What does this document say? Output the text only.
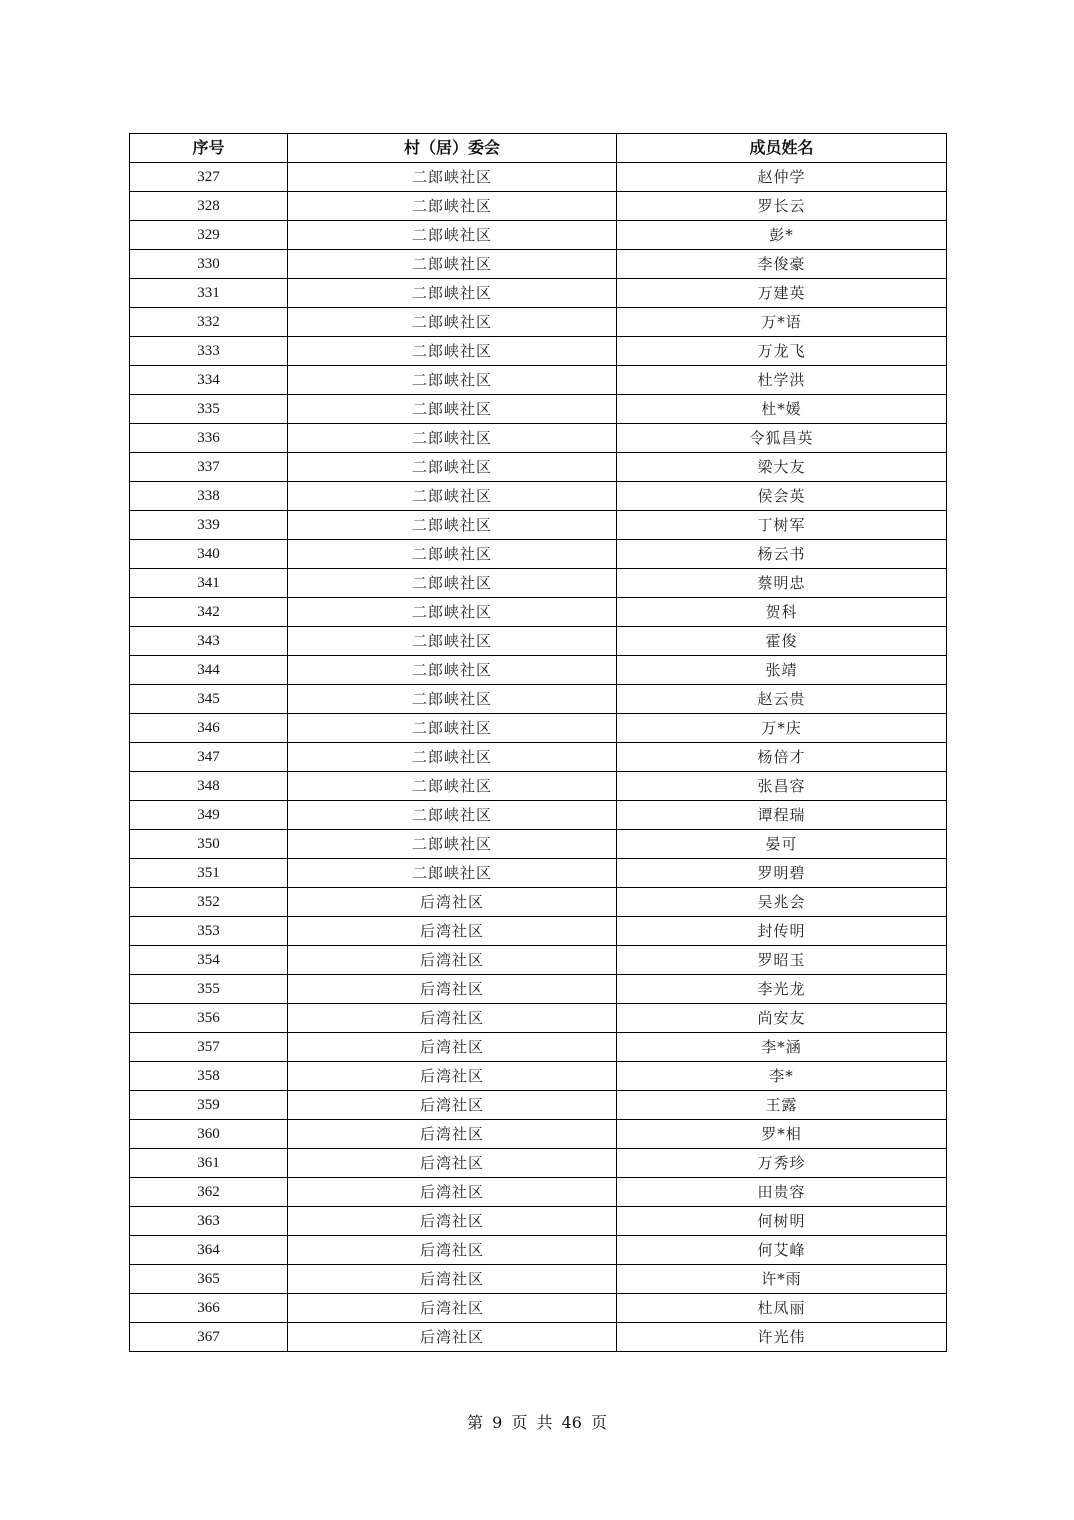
序号	村（居）委会	成员姓名
327	二郎峡社区	赵仲学
328	二郎峡社区	罗长云
329	二郎峡社区	彭*
330	二郎峡社区	李俊豪
331	二郎峡社区	万建英
332	二郎峡社区	万*语
333	二郎峡社区	万龙飞
334	二郎峡社区	杜学洪
335	二郎峡社区	杜*媛
336	二郎峡社区	令狐昌英
337	二郎峡社区	梁大友
338	二郎峡社区	侯会英
339	二郎峡社区	丁树军
340	二郎峡社区	杨云书
341	二郎峡社区	蔡明忠
342	二郎峡社区	贺科
343	二郎峡社区	霍俊
344	二郎峡社区	张靖
345	二郎峡社区	赵云贵
346	二郎峡社区	万*庆
347	二郎峡社区	杨倍才
348	二郎峡社区	张昌容
349	二郎峡社区	谭程瑞
350	二郎峡社区	晏可
351	二郎峡社区	罗明碧
352	后湾社区	吴兆会
353	后湾社区	封传明
354	后湾社区	罗昭玉
355	后湾社区	李光龙
356	后湾社区	尚安友
357	后湾社区	李*涵
358	后湾社区	李*
359	后湾社区	王露
360	后湾社区	罗*相
361	后湾社区	万秀珍
362	后湾社区	田贵容
363	后湾社区	何树明
364	后湾社区	何艾峰
365	后湾社区	许*雨
366	后湾社区	杜凤丽
367	后湾社区	许光伟
第 9 页 共 46 页
